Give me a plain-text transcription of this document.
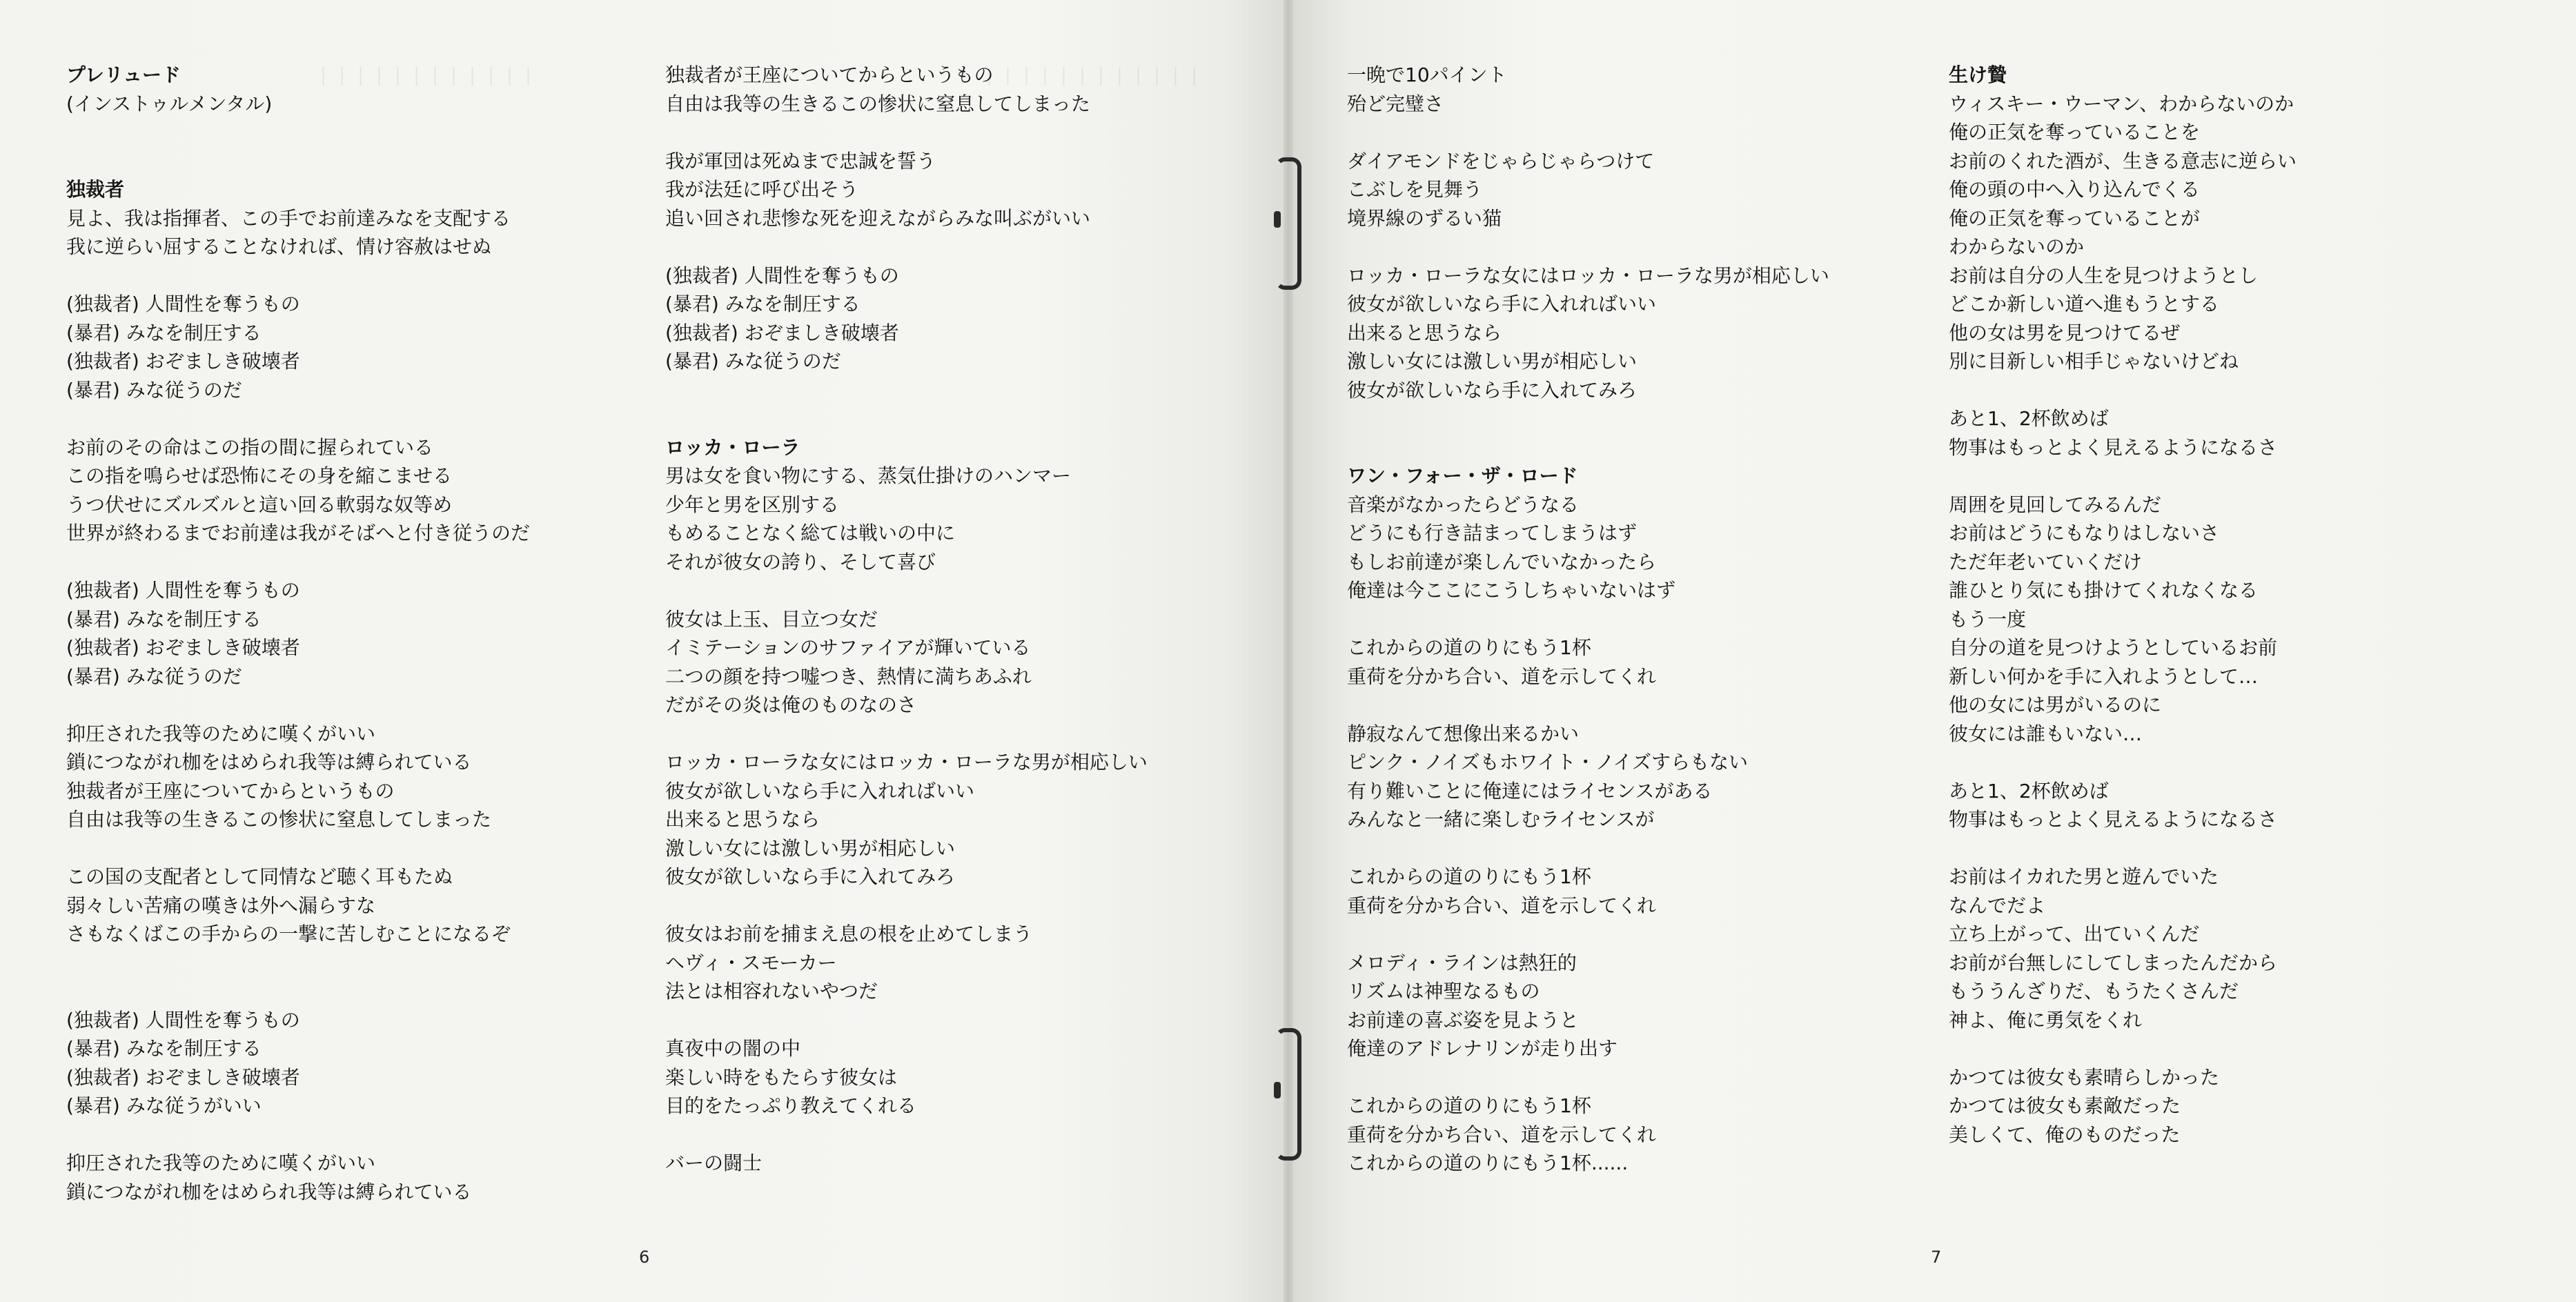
｜｜｜｜｜｜｜｜｜｜｜｜	｜｜｜｜｜｜｜｜｜｜｜｜
プレリュード
(インストゥルメンタル)
独裁者
見よ、我は指揮者、この手でお前達みなを支配する
我に逆らい屈することなければ、情け容赦はせぬ
(独裁者) 人間性を奪うもの
(暴君) みなを制圧する
(独裁者) おぞましき破壊者
(暴君) みな従うのだ
お前のその命はこの指の間に握られている
この指を鳴らせば恐怖にその身を縮こませる
うつ伏せにズルズルと這い回る軟弱な奴等め
世界が終わるまでお前達は我がそばへと付き従うのだ
(独裁者) 人間性を奪うもの
(暴君) みなを制圧する
(独裁者) おぞましき破壊者
(暴君) みな従うのだ
抑圧された我等のために嘆くがいい
鎖につながれ枷をはめられ我等は縛られている
独裁者が王座についてからというもの
自由は我等の生きるこの惨状に窒息してしまった
この国の支配者として同情など聴く耳もたぬ
弱々しい苦痛の嘆きは外へ漏らすな
さもなくばこの手からの一撃に苦しむことになるぞ
(独裁者) 人間性を奪うもの
(暴君) みなを制圧する
(独裁者) おぞましき破壊者
(暴君) みな従うがいい
抑圧された我等のために嘆くがいい
鎖につながれ枷をはめられ我等は縛られている
独裁者が王座についてからというもの
自由は我等の生きるこの惨状に窒息してしまった
我が軍団は死ぬまで忠誠を誓う
我が法廷に呼び出そう
追い回され悲惨な死を迎えながらみな叫ぶがいい
(独裁者) 人間性を奪うもの
(暴君) みなを制圧する
(独裁者) おぞましき破壊者
(暴君) みな従うのだ
ロッカ・ローラ
男は女を食い物にする、蒸気仕掛けのハンマー
少年と男を区別する
もめることなく総ては戦いの中に
それが彼女の誇り、そして喜び
彼女は上玉、目立つ女だ
イミテーションのサファイアが輝いている
二つの顔を持つ嘘つき、熱情に満ちあふれ
だがその炎は俺のものなのさ
ロッカ・ローラな女にはロッカ・ローラな男が相応しい
彼女が欲しいなら手に入れればいい
出来ると思うなら
激しい女には激しい男が相応しい
彼女が欲しいなら手に入れてみろ
彼女はお前を捕まえ息の根を止めてしまう
ヘヴィ・スモーカー
法とは相容れないやつだ
真夜中の闇の中
楽しい時をもたらす彼女は
目的をたっぷり教えてくれる
バーの闘士
6
一晩で10パイント
殆ど完璧さ
ダイアモンドをじゃらじゃらつけて
こぶしを見舞う
境界線のずるい猫
ロッカ・ローラな女にはロッカ・ローラな男が相応しい
彼女が欲しいなら手に入れればいい
出来ると思うなら
激しい女には激しい男が相応しい
彼女が欲しいなら手に入れてみろ
ワン・フォー・ザ・ロード
音楽がなかったらどうなる
どうにも行き詰まってしまうはず
もしお前達が楽しんでいなかったら
俺達は今ここにこうしちゃいないはず
これからの道のりにもう1杯
重荷を分かち合い、道を示してくれ
静寂なんて想像出来るかい
ピンク・ノイズもホワイト・ノイズすらもない
有り難いことに俺達にはライセンスがある
みんなと一緒に楽しむライセンスが
これからの道のりにもう1杯
重荷を分かち合い、道を示してくれ
メロディ・ラインは熱狂的
リズムは神聖なるもの
お前達の喜ぶ姿を見ようと
俺達のアドレナリンが走り出す
これからの道のりにもう1杯
重荷を分かち合い、道を示してくれ
これからの道のりにもう1杯......
生け贄
ウィスキー・ウーマン、わからないのか
俺の正気を奪っていることを
お前のくれた酒が、生きる意志に逆らい
俺の頭の中へ入り込んでくる
俺の正気を奪っていることが
わからないのか
お前は自分の人生を見つけようとし
どこか新しい道へ進もうとする
他の女は男を見つけてるぜ
別に目新しい相手じゃないけどね
あと1、2杯飲めば
物事はもっとよく見えるようになるさ
周囲を見回してみるんだ
お前はどうにもなりはしないさ
ただ年老いていくだけ
誰ひとり気にも掛けてくれなくなる
もう一度
自分の道を見つけようとしているお前
新しい何かを手に入れようとして…
他の女には男がいるのに
彼女には誰もいない…
あと1、2杯飲めば
物事はもっとよく見えるようになるさ
お前はイカれた男と遊んでいた
なんでだよ
立ち上がって、出ていくんだ
お前が台無しにしてしまったんだから
もううんざりだ、もうたくさんだ
神よ、俺に勇気をくれ
かつては彼女も素晴らしかった
かつては彼女も素敵だった
美しくて、俺のものだった
7
